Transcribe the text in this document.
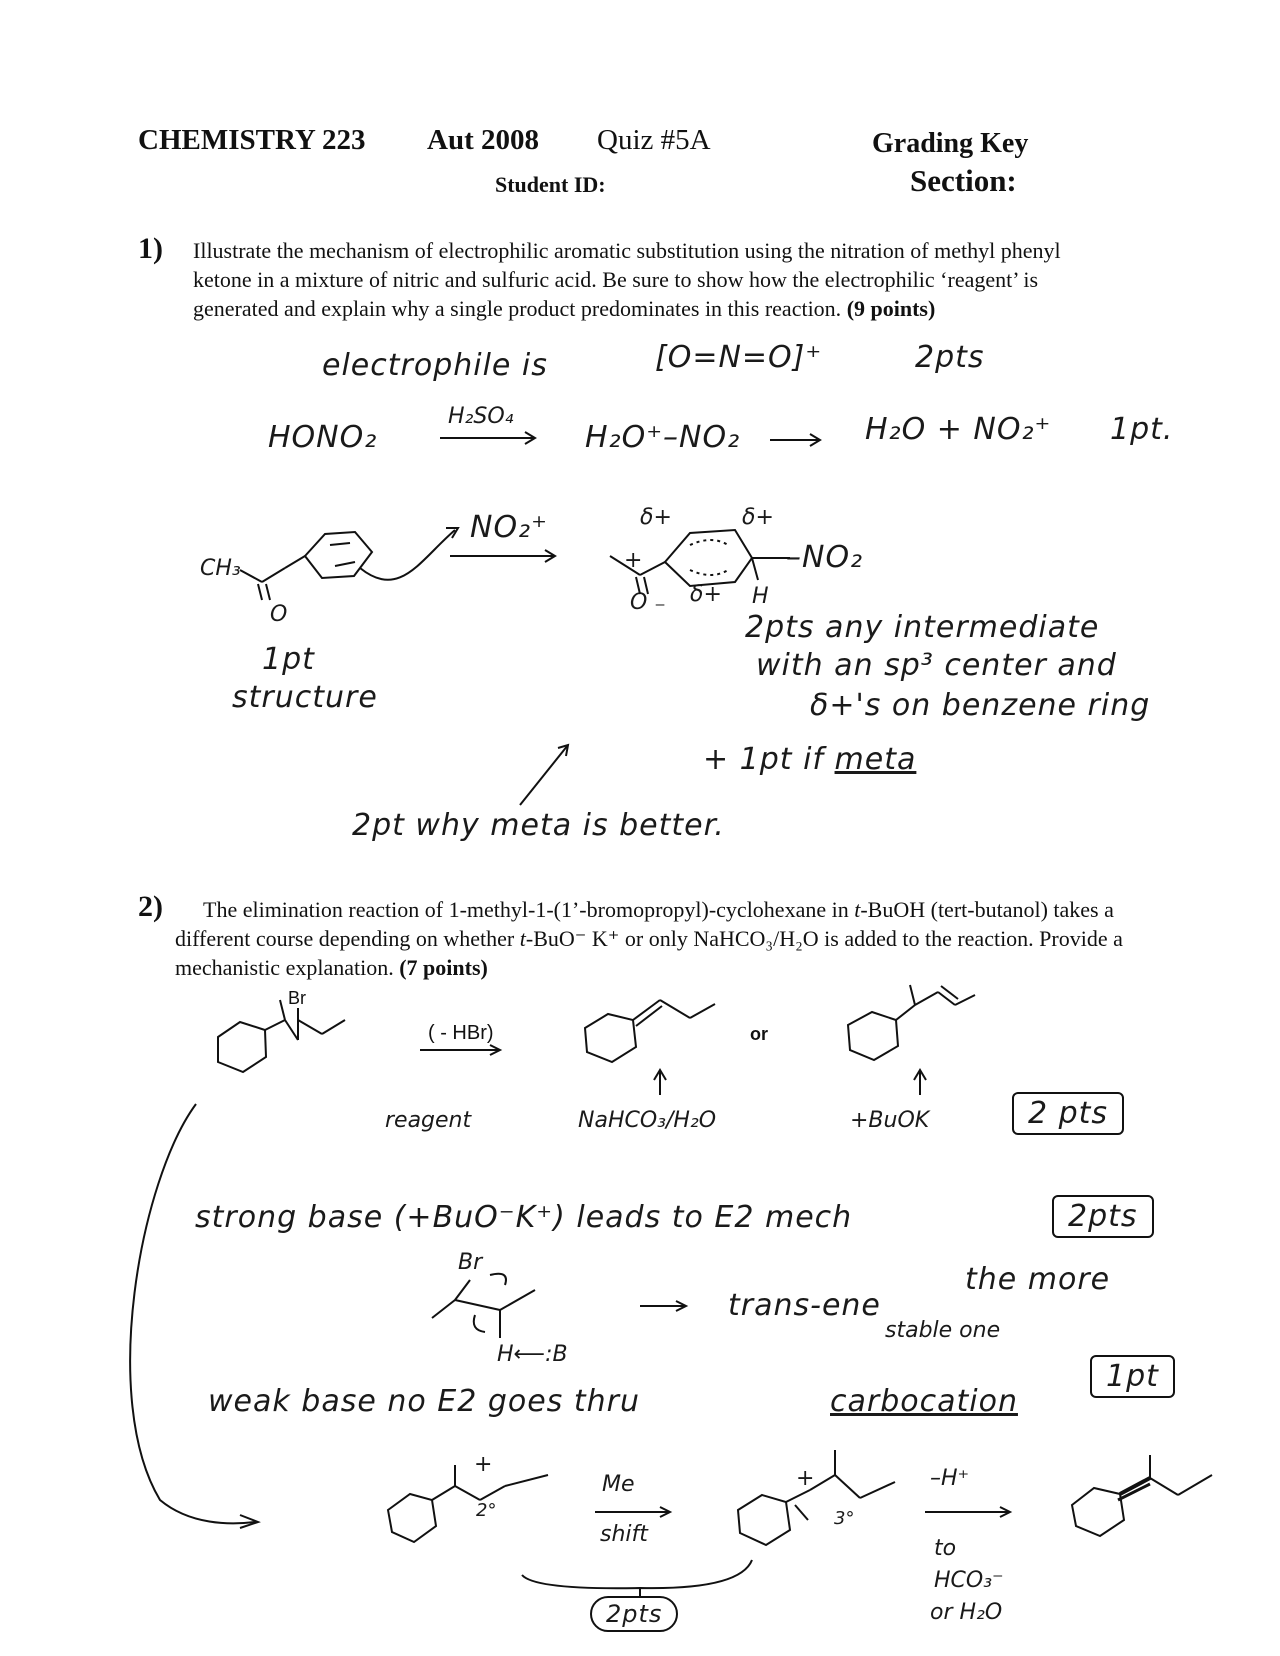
CHEMISTRY 223 Aut 2008 Quiz #5A	Grading Key
Student ID:	Section:
1) Illustrate the mechanism of electrophilic aromatic substitution using the nitration of methyl phenyl ketone in a mixture of nitric and sulfuric acid. Be sure to show how the electrophilic ‘reagent’ is generated and explain why a single product predominates in this reaction. (9 points)
electrophile is	[O=N=O]⁺	2pts
HONO₂
H₂SO₄
H₂O⁺–NO₂	H₂O + NO₂⁺ 1pt.
CH₃
O
NO₂⁺	δ+	δ+
δ+
+
O ₋	H
–NO₂
1pt
structure
2pts any intermediate
with an sp³ center and
δ+'s on benzene ring
+ 1pt if meta
2pt why meta is better.
2)	The elimination reaction of 1-methyl-1-(1’-bromopropyl)-cyclohexane in t-BuOH (tert-butanol) takes a different course depending on whether t-BuO⁻ K⁺ or only NaHCO₃/H₂O is added to the reaction. Provide a mechanistic explanation. (7 points)
Br
( - HBr)	or
reagent	NaHCO₃/H₂O	+BuOK	2 pts
strong base (+BuO⁻K⁺) leads to E2 mech	2pts
Br
H⟵:B
trans-ene
the more
stable one
weak base no E2 goes thru	carbocation
1pt
+
2°
Me
shift
+
3°
–H⁺
to
HCO₃⁻
or H₂O
2pts
